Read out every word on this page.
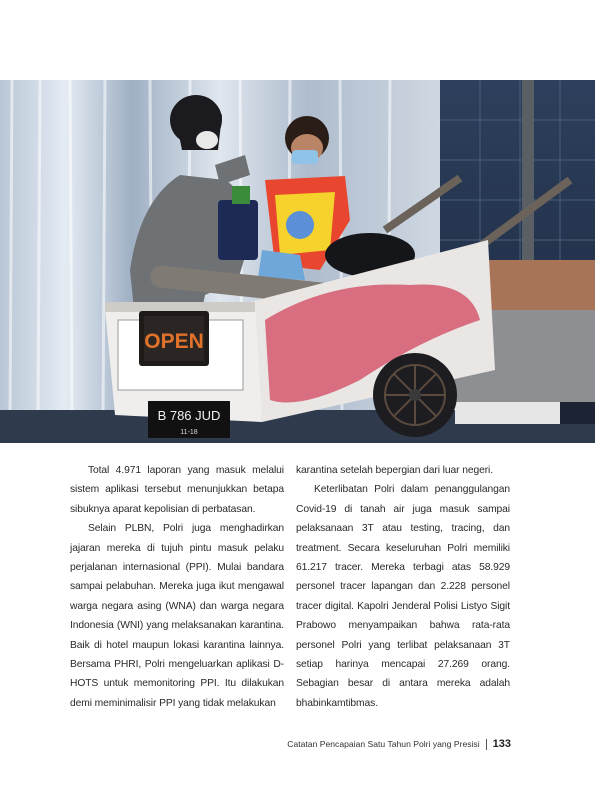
OPEN
B 786 JUD
11-18

Total 4.971 laporan yang masuk melalui sistem aplikasi tersebut menunjukkan betapa sibuknya aparat kepolisian di perbatasan.

Selain PLBN, Polri juga menghadirkan jajaran mereka di tujuh pintu masuk pelaku perjalanan internasional (PPI). Mulai bandara sampai pelabuhan. Mereka juga ikut mengawal warga negara asing (WNA) dan warga negara Indonesia (WNI) yang melaksanakan karantina. Baik di hotel maupun lokasi karantina lainnya. Bersama PHRI, Polri mengeluarkan aplikasi D-HOTS untuk memonitoring PPI. Itu dilakukan demi meminimalisir PPI yang tidak melakukan

karantina setelah bepergian dari luar negeri.

Keterlibatan Polri dalam penanggulangan Covid-19 di tanah air juga masuk sampai pelaksanaan 3T atau testing, tracing, dan treatment. Secara keseluruhan Polri memiliki 61.217 tracer. Mereka terbagi atas 58.929 personel tracer lapangan dan 2.228 personel tracer digital. Kapolri Jenderal Polisi Listyo Sigit Prabowo menyampaikan bahwa rata-rata personel Polri yang terlibat pelaksanaan 3T setiap harinya mencapai 27.269 orang. Sebagian besar di antara mereka adalah bhabinkamtibmas.

Catatan Pencapaian Satu Tahun Polri yang Presisi 133
